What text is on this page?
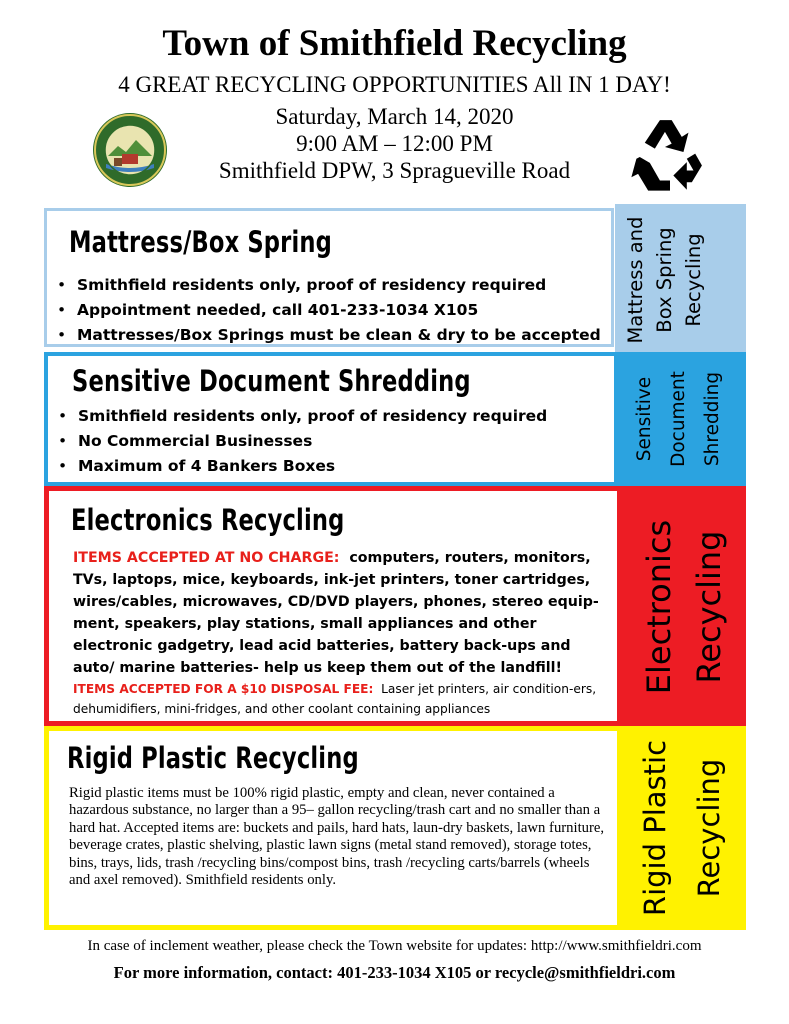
Town of Smithfield Recycling
4 GREAT RECYCLING OPPORTUNITIES All IN 1 DAY!
Saturday, March 14, 2020
9:00 AM – 12:00 PM
Smithfield DPW, 3 Spragueville Road
Mattress/Box Spring
• Smithfield residents only, proof of residency required
• Appointment needed, call 401-233-1034 X105
• Mattresses/Box Springs must be clean & dry to be accepted Mattress and Box Spring Recycling
Sensitive Document Shredding
• Smithfield residents only, proof of residency required
• No Commercial Businesses
• Maximum of 4 Bankers Boxes
Sensitive Document Shredding
Electronics Recycling
ITEMS ACCEPTED AT NO CHARGE: computers, routers, monitors, TVs, laptops, mice, keyboards, ink-jet printers, toner cartridges, wires/cables, microwaves, CD/DVD players, phones, stereo equip-ment, speakers, play stations, small appliances and other electronic gadgetry, lead acid batteries, battery back-ups and auto/ marine batteries- help us keep them out of the landfill!
ITEMS ACCEPTED FOR A $10 DISPOSAL FEE: Laser jet printers, air condition-ers, dehumidifiers, mini-fridges, and other coolant containing appliances
Electronics Recycling
Rigid Plastic Recycling
Rigid plastic items must be 100% rigid plastic, empty and clean, never contained a hazardous substance, no larger than a 95– gallon recycling/trash cart and no smaller than a hard hat. Accepted items are: buckets and pails, hard hats, laun-dry baskets, lawn furniture, beverage crates, plastic shelving, plastic lawn signs (metal stand removed), storage totes, bins, trays, lids, trash /recycling bins/compost bins, trash /recycling carts/barrels (wheels and axel removed). Smithfield residents only.	Rigid Plastic Recycling
In case of inclement weather, please check the Town website for updates: http://www.smithfieldri.com
For more information, contact: 401-233-1034 X105 or recycle@smithfieldri.com
